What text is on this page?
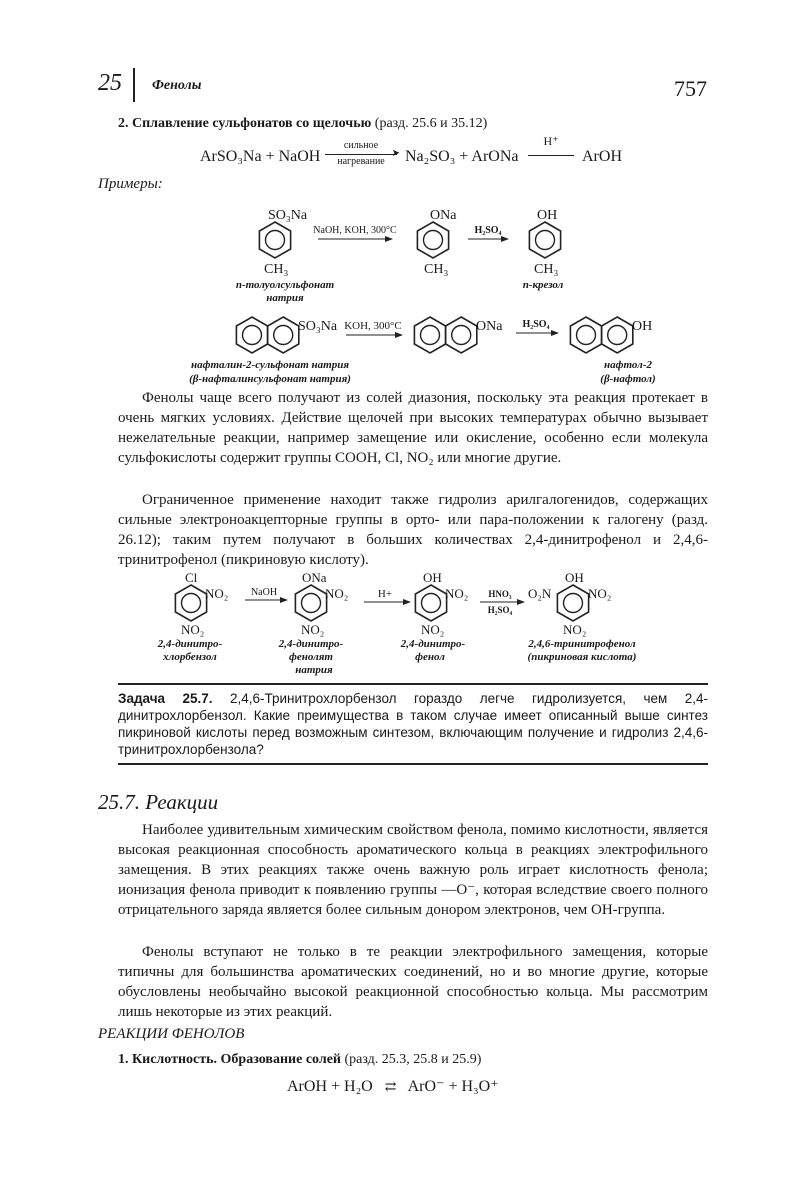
25 Фенолы	757
2. Сплавление сульфонатов со щелочью (разд. 25.6 и 35.12)
ArSO₃Na + NaOH
сильное
➤
нагревание	Na₂SO₃ + ArONa
H⁺
ArOH
Примеры:
SO₃Na
CH₃
NaOH, KOH, 300°C
ONa
CH₃
H₂SO₄
OH
CH₃
п-толуолсульфонат
натрия
п-крезол
SO₃Na KOH, 300°C	ONa H₂SO₄	OH
нафталин-2-сульфонат натрия
(β-нафталинсульфонат натрия)
нафтол-2
(β-нафтол)
Cl
NO₂
NO₂
NaOH
ONa
NO₂
NO₂
H+
OH
NO₂
NO₂
HNO₃
H₂SO₄
OH
O₂N	NO₂
NO₂
2,4-динитро-
хлорбензол
2,4-динитро-
фенолят
натрия
2,4-динитро-
фенол
2,4,6-тринитрофенол
(пикриновая кислота)
Фенолы чаще всего получают из солей диазония, поскольку эта реакция протекает в очень мягких условиях. Действие щелочей при высоких температурах обычно вызывает нежелательные реакции, например замещение или окисление, особенно если молекула сульфокислоты содержит группы COOH, Cl, NO₂ или многие другие.
Ограниченное применение находит также гидролиз арилгалогенидов, содержащих сильные электроноакцепторные группы в орто- или пара-положении к галогену (разд. 26.12); таким путем получают в больших количествах 2,4-динитрофенол и 2,4,6-тринитрофенол (пикриновую кислоту).
Задача 25.7. 2,4,6-Тринитрохлорбензол гораздо легче гидролизуется, чем 2,4-динитрохлорбензол. Какие преимущества в таком случае имеет описанный выше синтез пикриновой кислоты перед возможным синтезом, включающим получение и гидролиз 2,4,6-тринитрохлорбензола?
25.7. Реакции
Наиболее удивительным химическим свойством фенола, помимо кислотности, является высокая реакционная способность ароматического кольца в реакциях электрофильного замещения. В этих реакциях также очень важную роль играет кислотность фенола; ионизация фенола приводит к появлению группы —O⁻, которая вследствие своего полного отрицательного заряда является более сильным донором электронов, чем OH-группа.
Фенолы вступают не только в те реакции электрофильного замещения, которые типичны для большинства ароматических соединений, но и во многие другие, которые обусловлены необычайно высокой реакционной способностью кольца. Мы рассмотрим лишь некоторые из этих реакций.
РЕАКЦИИ ФЕНОЛОВ
1. Кислотность. Образование солей (разд. 25.3, 25.8 и 25.9)
ArOH + H₂O ⇄ ArO⁻ + H₃O⁺
